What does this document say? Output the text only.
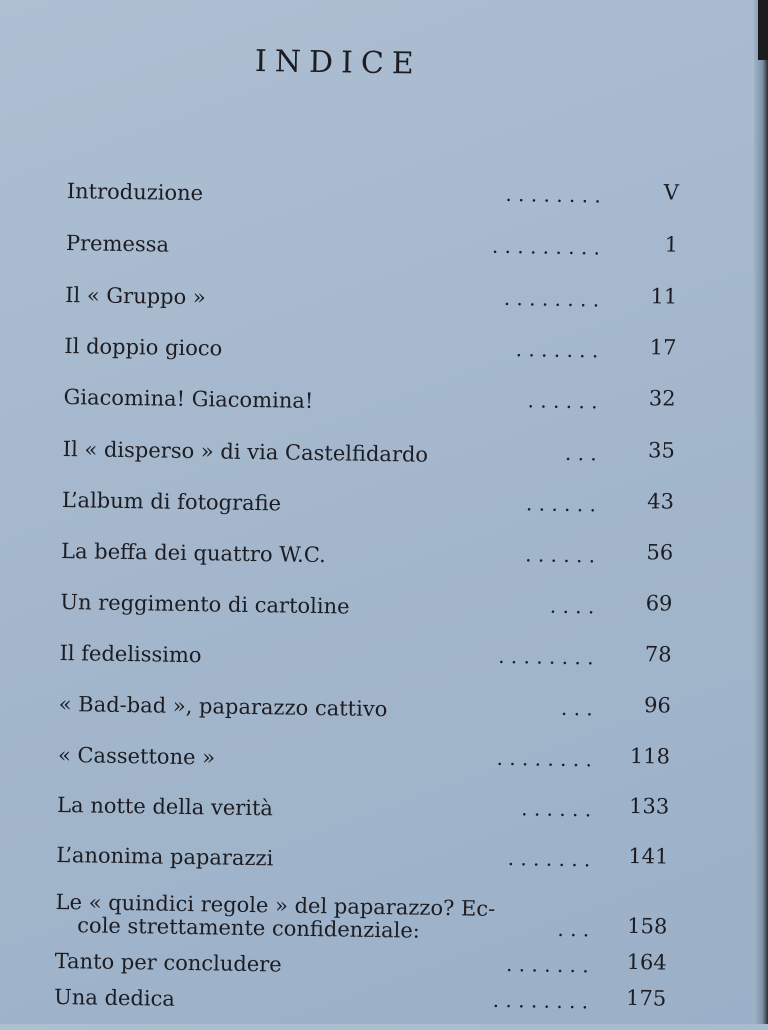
INDICE
Introduzione	. . . . . . . .	V
Premessa	. . . . . . . . .	1
Il « Gruppo »	. . . . . . . .	11
Il doppio gioco	. . . . . . .	17
Giacomina! Giacomina!	. . . . . .	32
Il « disperso » di via Castelfidardo	. . .	35
L’album di fotografie	. . . . . .	43
La beffa dei quattro W.C.	. . . . . .	56
Un reggimento di cartoline	. . . .	69
Il fedelissimo	. . . . . . . .	78
« Bad-bad », paparazzo cattivo	. . .	96
« Cassettone »	. . . . . . . .	118
La notte della verità	. . . . . .	133
L’anonima paparazzi	. . . . . . .	141
Le « quindici regole » del paparazzo? Ec-
cole strettamente confidenziale:	. . .	158
Tanto per concludere	. . . . . . .	164
Una dedica	. . . . . . . .	175
